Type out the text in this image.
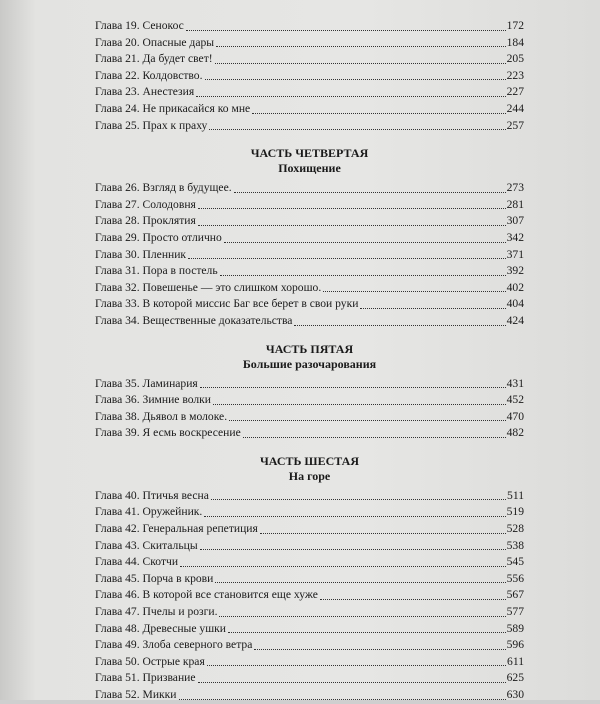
Глава 19. Сенокос	172
Глава 20. Опасные дары	184
Глава 21. Да будет свет!	205
Глава 22. Колдовство.	223
Глава 23. Анестезия	227
Глава 24. Не прикасайся ко мне	244
Глава 25. Прах к праху	257
ЧАСТЬ ЧЕТВЕРТАЯ
Похищение
Глава 26. Взгляд в будущее.	273
Глава 27. Солодовня	281
Глава 28. Проклятия	307
Глава 29. Просто отлично	342
Глава 30. Пленник	371
Глава 31. Пора в постель	392
Глава 32. Повешенье — это слишком хорошо.	402
Глава 33. В которой миссис Баг все берет в свои руки	404
Глава 34. Вещественные доказательства	424
ЧАСТЬ ПЯТАЯ
Большие разочарования
Глава 35. Ламинария	431
Глава 36. Зимние волки	452
Глава 38. Дьявол в молоке.	470
Глава 39. Я есмь воскресение	482
ЧАСТЬ ШЕСТАЯ
На горе
Глава 40. Птичья весна	511
Глава 41. Оружейник.	519
Глава 42. Генеральная репетиция	528
Глава 43. Скитальцы	538
Глава 44. Скотчи	545
Глава 45. Порча в крови	556
Глава 46. В которой все становится еще хуже	567
Глава 47. Пчелы и розги.	577
Глава 48. Древесные ушки	589
Глава 49. Злоба северного ветра	596
Глава 50. Острые края	611
Глава 51. Призвание	625
Глава 52. Микки	630
